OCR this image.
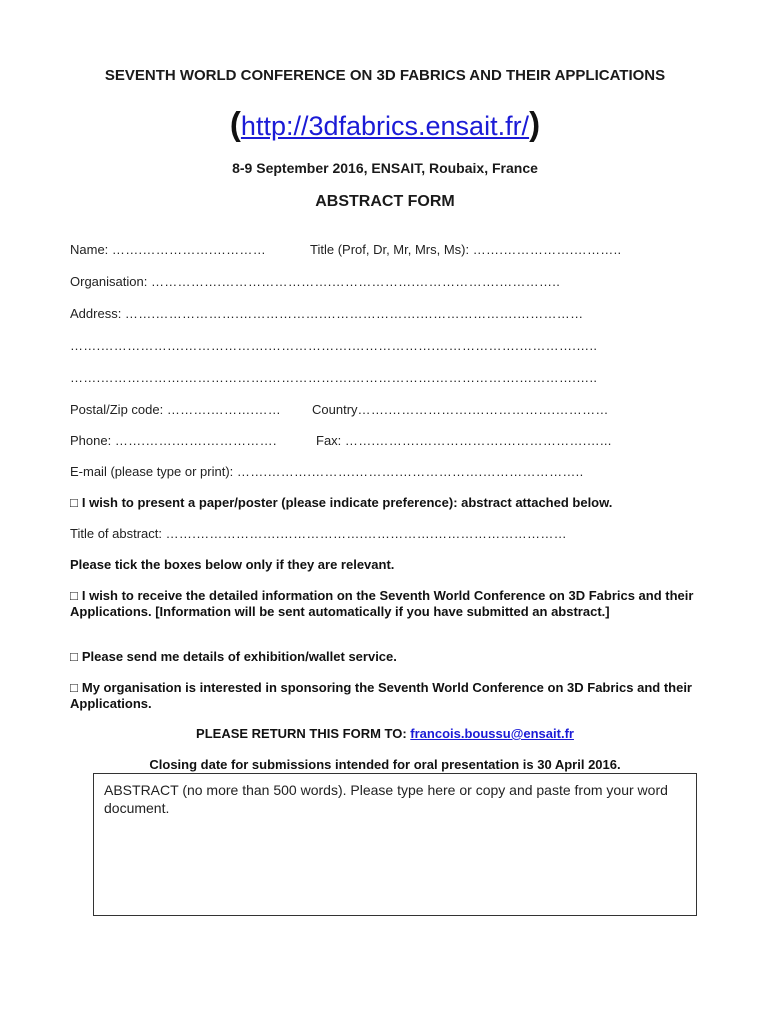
SEVENTH WORLD CONFERENCE ON 3D FABRICS AND THEIR APPLICATIONS
(http://3dfabrics.ensait.fr/)
8-9 September 2016, ENSAIT, Roubaix, France
ABSTRACT FORM
Name: …….…………….…………	Title (Prof, Dr, Mr, Mrs, Ms): …….…………….………..
Organisation: …………….…………………….……………….……………….…………..
Address: …….……………….……………….………………….………………….……………
…….……………….……………….……………….……………….……………….………….…..
…….……………….……………….……………….……………….……………….………….…..
Postal/Zip code: ……….……….…… Country…….……………….……………….…………
Phone: …….…….…….…………….	Fax: …….……….……………….……………….…...
E-mail (please type or print): …….……….……….……….……………….…………………..
□ I wish to present a paper/poster (please indicate preference): abstract attached below.
Title of abstract: …….……………….……………….…………….…………………………
Please tick the boxes below only if they are relevant.
□ I wish to receive the detailed information on the Seventh World Conference on 3D Fabrics and their Applications. [Information will be sent automatically if you have submitted an abstract.]
□ Please send me details of exhibition/wallet service.
□ My organisation is interested in sponsoring the Seventh World Conference on 3D Fabrics and their Applications.
PLEASE RETURN THIS FORM TO: francois.boussu@ensait.fr
Closing date for submissions intended for oral presentation is 30 April 2016.
ABSTRACT (no more than 500 words). Please type here or copy and paste from your word document.
